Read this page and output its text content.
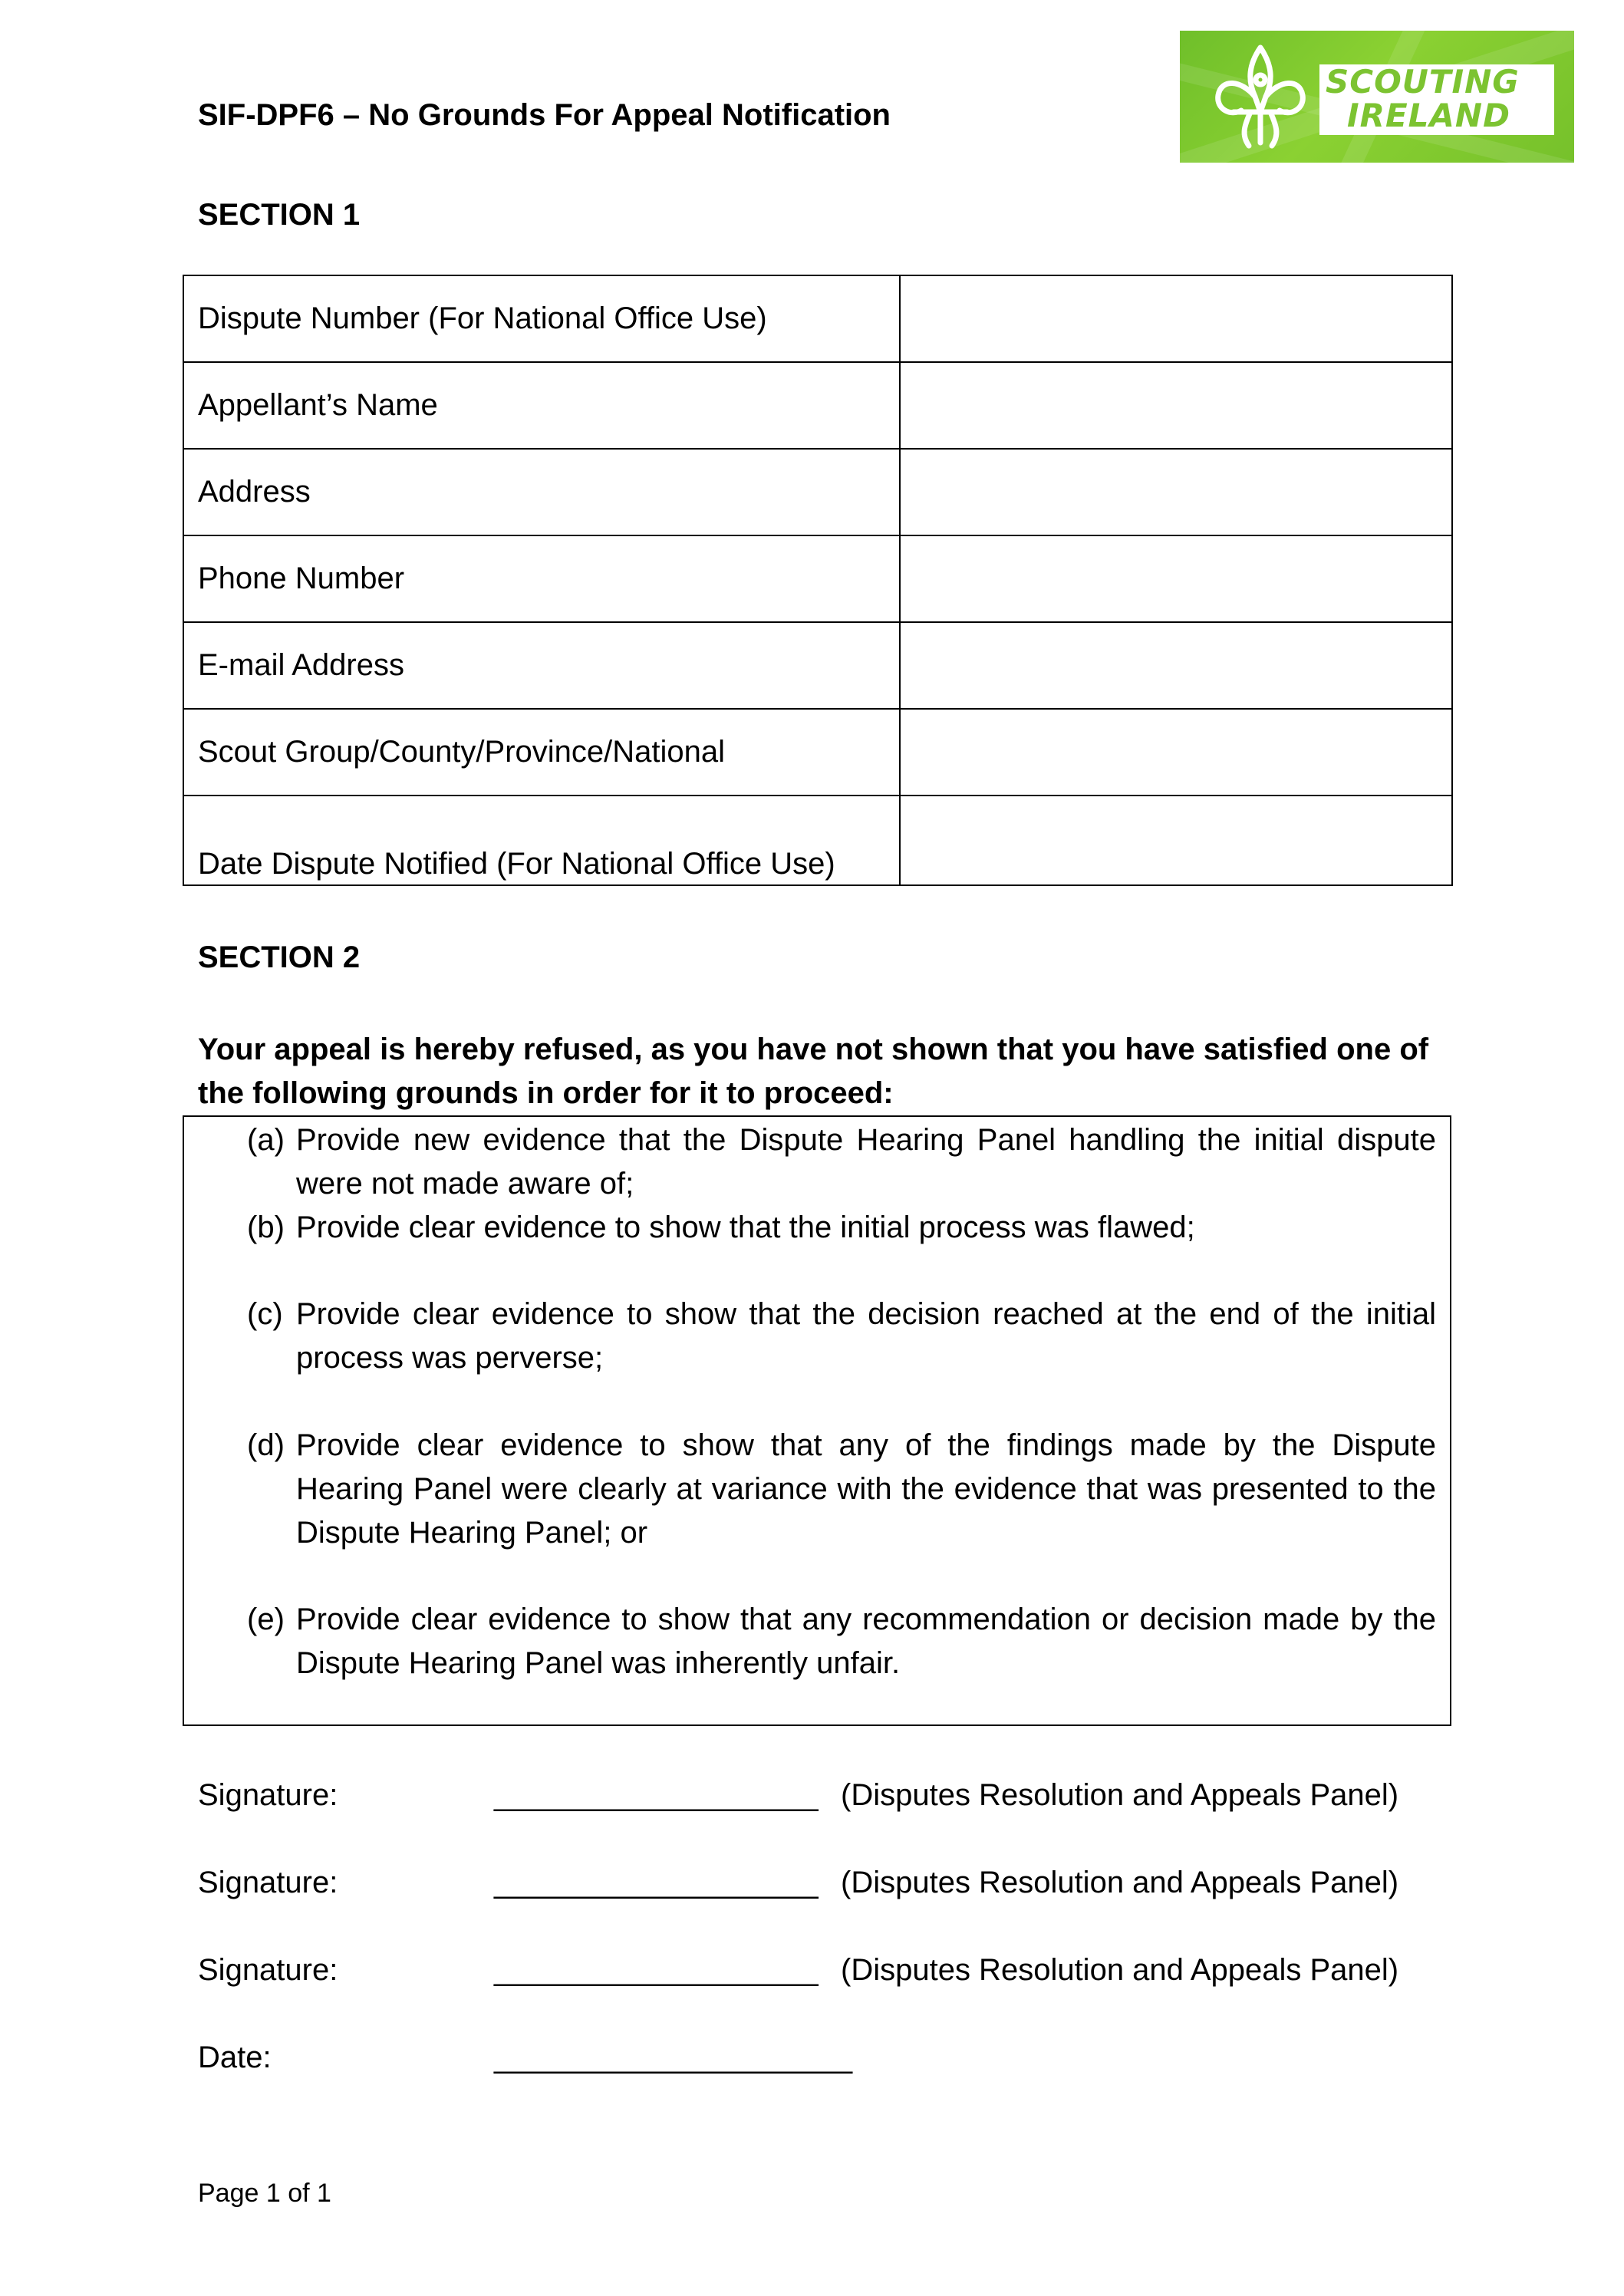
SIF-DPF6 – No Grounds For Appeal Notification
SCOUTING
IRELAND
SECTION 1
Dispute Number (For National Office Use)	
Appellant’s Name	
Address	
Phone Number	
E-mail Address	
Scout Group/County/Province/National	
Date Dispute Notified (For National Office Use)	
SECTION 2
Your appeal is hereby refused, as you have not shown that you have satisfied one of the following grounds in order for it to proceed:
(a) Provide new evidence that the Dispute Hearing Panel handling the initial dispute were not made aware of;
(b) Provide clear evidence to show that the initial process was flawed;
(c) Provide clear evidence to show that the decision reached at the end of the initial process was perverse;
(d) Provide clear evidence to show that any of the findings made by the Dispute Hearing Panel were clearly at variance with the evidence that was presented to the Dispute Hearing Panel; or
(e) Provide clear evidence to show that any recommendation or decision made by the Dispute Hearing Panel was inherently unfair.
Signature:	___________________ (Disputes Resolution and Appeals Panel)
Signature:	___________________ (Disputes Resolution and Appeals Panel)
Signature:	___________________ (Disputes Resolution and Appeals Panel)
Date:	_____________________
Page 1 of 1
